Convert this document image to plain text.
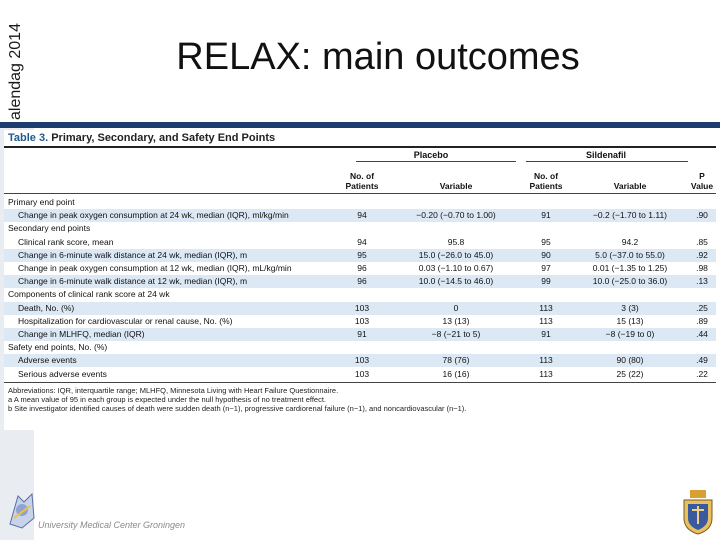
alendag 2014	RELAX: main outcomes
Table 3. Primary, Secondary, and Safety End Points
Placebo	Sildenafil
No. of
Patients	Variable
No. of
Patients	Variable
P
Value
Primary end point
Change in peak oxygen consumption at 24 wk, median (IQR), ml/kg/min	94	−0.20 (−0.70 to 1.00)	91	−0.2 (−1.70 to 1.11)	.90
Secondary end points
Clinical rank score, mean	94	95.8	95	94.2	.85
Change in 6-minute walk distance at 24 wk, median (IQR), m	95	15.0 (−26.0 to 45.0)	90	5.0 (−37.0 to 55.0)	.92
Change in peak oxygen consumption at 12 wk, median (IQR), mL/kg/min	96	0.03 (−1.10 to 0.67)	97	0.01 (−1.35 to 1.25)	.98
Change in 6-minute walk distance at 12 wk, median (IQR), m	96	10.0 (−14.5 to 46.0)	99	10.0 (−25.0 to 36.0)	.13
Components of clinical rank score at 24 wk
Death, No. (%)	103	0	113	3 (3)	.25
Hospitalization for cardiovascular or renal cause, No. (%)	103	13 (13)	113	15 (13)	.89
Change in MLHFQ, median (IQR)	91	−8 (−21 to 5)	91	−8 (−19 to 0)	.44
Safety end points, No. (%)
Adverse events	103	78 (76)	113	90 (80)	.49
Serious adverse events	103	16 (16)	113	25 (22)	.22
Abbreviations: IQR, interquartile range; MLHFQ, Minnesota Living with Heart Failure Questionnaire.
a A mean value of 95 in each group is expected under the null hypothesis of no treatment effect.
b Site investigator identified causes of death were sudden death (n−1), progressive cardiorenal failure (n−1), and noncardiovascular (n−1).
University Medical Center Groningen
